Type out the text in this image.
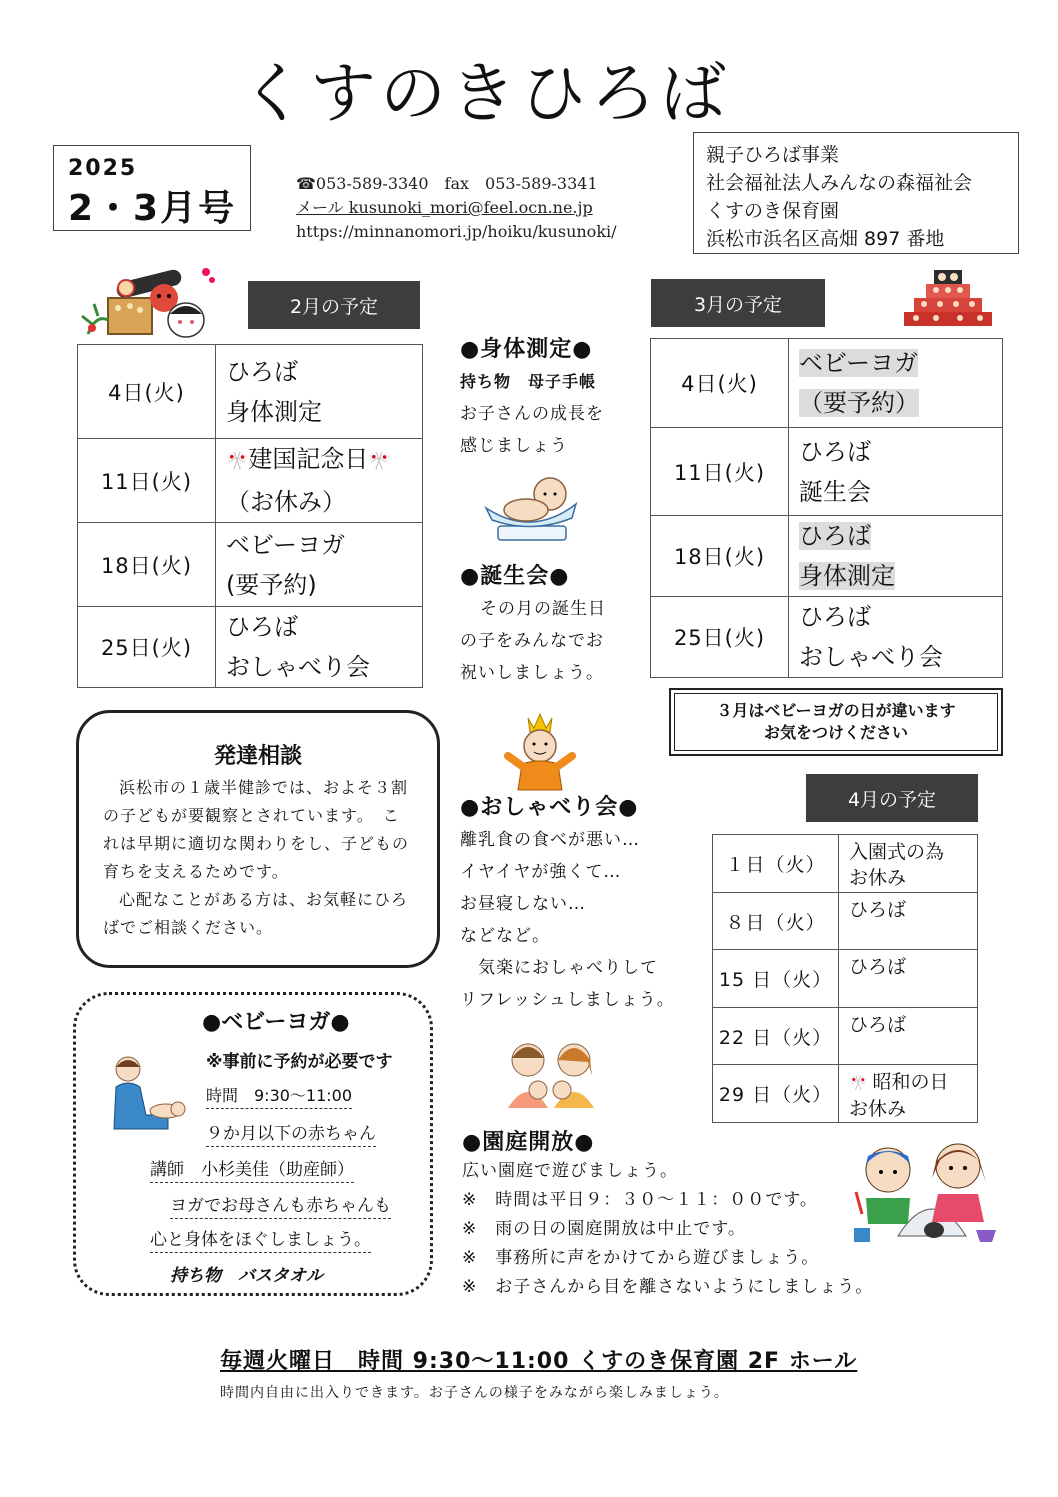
くすのきひろば
2025
2・3月号
☎053-589-3340　fax　053-589-3341
メール kusunoki_mori@feel.ocn.ne.jp
https://minnanomori.jp/hoiku/kusunoki/
親子ひろば事業
社会福祉法人みんなの森福祉会
くすのき保育園
浜松市浜名区高畑 897 番地
2月の予定
4日(火)	ひろば
身体測定

11日(火)	🎌建国記念日🎌
（お休み）

18日(火)	ベビーヨガ
(要予約)

25日(火)	ひろば
おしゃべり会
3月の予定
4日(火)	ベビーヨガ
（要予約）

11日(火)	ひろば
誕生会

18日(火)	ひろば
身体測定

25日(火)	ひろば
おしゃべり会
３月はベビーヨガの日が違います
お気をつけください
4月の予定
１日（火）	入園式の為
お休み

８日（火）	ひろば

15 日（火）	ひろば

22 日（火）	ひろば

29 日（火）	🎌 昭和の日
お休み
●身体測定●
持ち物　母子手帳
お子さんの成長を
感じましょう
●誕生会●
その月の誕生日
の子をみんなでお
祝いしましょう。
●おしゃべり会●
離乳食の食べが悪い…
イヤイヤが強くて…
お昼寝しない…
などなど。
気楽におしゃべりして
リフレッシュしましょう。
発達相談

浜松市の１歳半健診では、およそ３割の子どもが要観察とされています。　これは早期に適切な関わりをし、子どもの育ちを支えるためです。

心配なことがある方は、お気軽にひろばでご相談ください。

●ベビーヨガ●
※事前に予約が必要です
時間　9:30～11:00
９か月以下の赤ちゃん
講師　小杉美佳（助産師）
ヨガでお母さんも赤ちゃんも
心と身体をほぐしましょう。
持ち物　バスタオル
●園庭開放●
広い園庭で遊びましょう。
※　時間は平日９：３０～１１：００です。
※　雨の日の園庭開放は中止です。
※　事務所に声をかけてから遊びましょう。
※　お子さんから目を離さないようにしましょう。
毎週火曜日　時間 9:30～11:00 くすのき保育園 2F ホール
時間内自由に出入りできます。お子さんの様子をみながら楽しみましょう。
